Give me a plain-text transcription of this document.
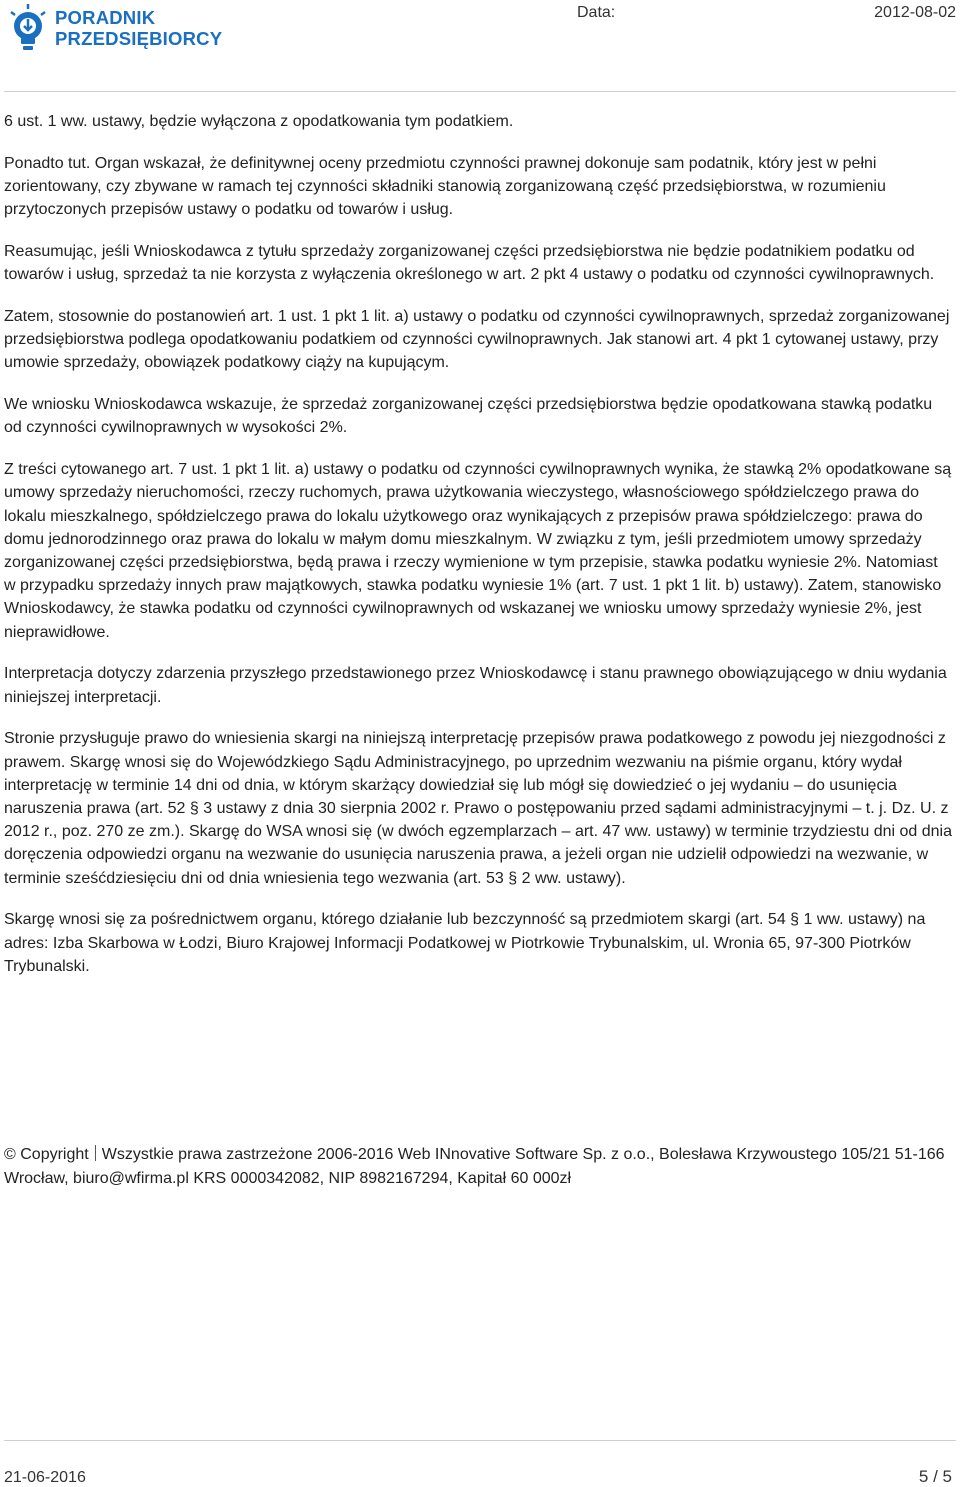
PORADNIK
PRZEDSIĘBIORCY
Data:	2012-08-02

6 ust. 1 ww. ustawy, będzie wyłączona z opodatkowania tym podatkiem.

Ponadto tut. Organ wskazał, że definitywnej oceny przedmiotu czynności prawnej dokonuje sam podatnik, który jest w pełni zorientowany, czy zbywane w ramach tej czynności składniki stanowią zorganizowaną część przedsiębiorstwa, w rozumieniu przytoczonych przepisów ustawy o podatku od towarów i usług.

Reasumując, jeśli Wnioskodawca z tytułu sprzedaży zorganizowanej części przedsiębiorstwa nie będzie podatnikiem podatku od towarów i usług, sprzedaż ta nie korzysta z wyłączenia określonego w art. 2 pkt 4 ustawy o podatku od czynności cywilnoprawnych.

Zatem, stosownie do postanowień art. 1 ust. 1 pkt 1 lit. a) ustawy o podatku od czynności cywilnoprawnych, sprzedaż zorganizowanej przedsiębiorstwa podlega opodatkowaniu podatkiem od czynności cywilnoprawnych. Jak stanowi art. 4 pkt 1 cytowanej ustawy, przy umowie sprzedaży, obowiązek podatkowy ciąży na kupującym.

We wniosku Wnioskodawca wskazuje, że sprzedaż zorganizowanej części przedsiębiorstwa będzie opodatkowana stawką podatku od czynności cywilnoprawnych w wysokości 2%.

Z treści cytowanego art. 7 ust. 1 pkt 1 lit. a) ustawy o podatku od czynności cywilnoprawnych wynika, że stawką 2% opodatkowane są umowy sprzedaży nieruchomości, rzeczy ruchomych, prawa użytkowania wieczystego, własnościowego spółdzielczego prawa do lokalu mieszkalnego, spółdzielczego prawa do lokalu użytkowego oraz wynikających z przepisów prawa spółdzielczego: prawa do domu jednorodzinnego oraz prawa do lokalu w małym domu mieszkalnym. W związku z tym, jeśli przedmiotem umowy sprzedaży zorganizowanej części przedsiębiorstwa, będą prawa i rzeczy wymienione w tym przepisie, stawka podatku wyniesie 2%. Natomiast w przypadku sprzedaży innych praw majątkowych, stawka podatku wyniesie 1% (art. 7 ust. 1 pkt 1 lit. b) ustawy). Zatem, stanowisko Wnioskodawcy, że stawka podatku od czynności cywilnoprawnych od wskazanej we wniosku umowy sprzedaży wyniesie 2%, jest nieprawidłowe.

Interpretacja dotyczy zdarzenia przyszłego przedstawionego przez Wnioskodawcę i stanu prawnego obowiązującego w dniu wydania niniejszej interpretacji.

Stronie przysługuje prawo do wniesienia skargi na niniejszą interpretację przepisów prawa podatkowego z powodu jej niezgodności z prawem. Skargę wnosi się do Wojewódzkiego Sądu Administracyjnego, po uprzednim wezwaniu na piśmie organu, który wydał interpretację w terminie 14 dni od dnia, w którym skarżący dowiedział się lub mógł się dowiedzieć o jej wydaniu – do usunięcia naruszenia prawa (art. 52 § 3 ustawy z dnia 30 sierpnia 2002 r. Prawo o postępowaniu przed sądami administracyjnymi – t. j. Dz. U. z 2012 r., poz. 270 ze zm.). Skargę do WSA wnosi się (w dwóch egzemplarzach – art. 47 ww. ustawy) w terminie trzydziestu dni od dnia doręczenia odpowiedzi organu na wezwanie do usunięcia naruszenia prawa, a jeżeli organ nie udzielił odpowiedzi na wezwanie, w terminie sześćdziesięciu dni od dnia wniesienia tego wezwania (art. 53 § 2 ww. ustawy).

Skargę wnosi się za pośrednictwem organu, którego działanie lub bezczynność są przedmiotem skargi (art. 54 § 1 ww. ustawy) na adres: Izba Skarbowa w Łodzi, Biuro Krajowej Informacji Podatkowej w Piotrkowie Trybunalskim, ul. Wronia 65, 97-300 Piotrków Trybunalski.

© Copyright Wszystkie prawa zastrzeżone 2006-2016 Web INnovative Software Sp. z o.o., Bolesława Krzywoustego 105/21 51-166 Wrocław, biuro@wfirma.pl KRS 0000342082, NIP 8982167294, Kapitał 60 000zł
21-06-2016	5 / 5
